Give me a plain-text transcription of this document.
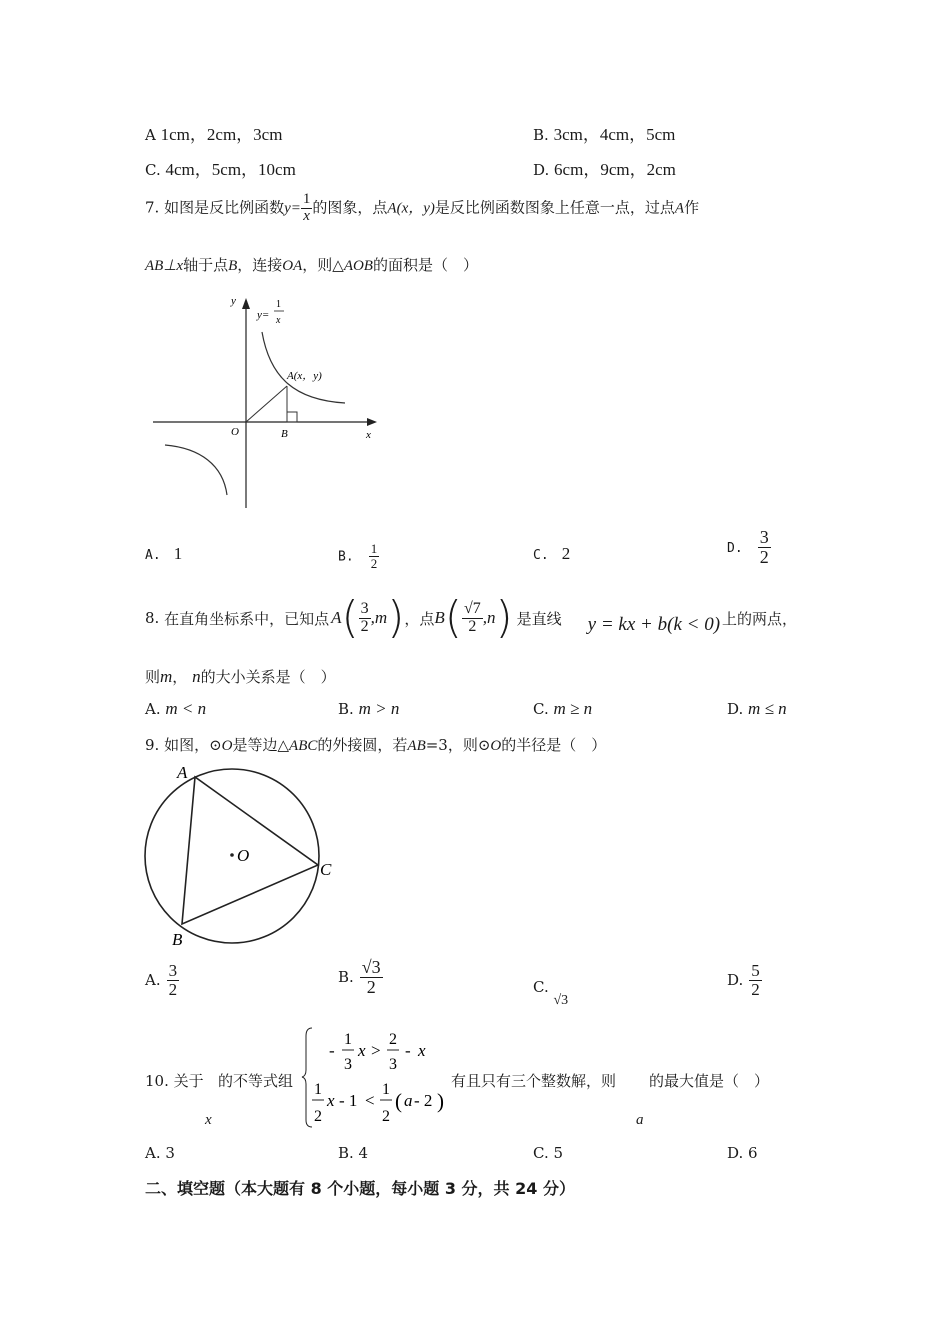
A 1cm，2cm，3cm	B. 3cm，4cm，5cm
C. 4cm，5cm，10cm	D. 6cm，9cm，2cm
7. 如图是反比例函数$y= \frac{1}{x}$ 的图象，点A(x，y)是反比例函数图象上任意一点，过点A作
AB⊥x轴于点B，连接OA，则△AOB的面积是（　）
y
x
O	B
y=
1
x
A(x，y)
A. 1	B. $\frac{1}{2}$	C. 2	D. $\frac{3}{2}$
8.
在直角坐标系中，已知点 A ( $\frac{3}{2} ,m$ ) ，点 B ( $\frac{√7}{2} ,n$ ) 是直线 y = kx + b(k < 0) 上的两点，
则m， n的大小关系是（　）
A. m < n	B. m > n	C. m ≥ n	D. m ≤ n
9. 如图，⊙O是等边△ABC的外接圆，若AB=3，则⊙O的半径是（　）
A
B
C
O
A. $\frac{3}{2}$	B. $\frac{√3}{2}$	C. √3
D. $\frac{5}{2}$
10. 关于
x
的不等式组
-
1
3
x >
2
3
- x
1
2
x - 1 <
1
2
( a - 2 )
有且只有三个整数解，则
a
的最大值是（　）
A. 3	B. 4	C. 5	D. 6
二、填空题（本大题有 8 个小题，每小题 3 分，共 24 分）
